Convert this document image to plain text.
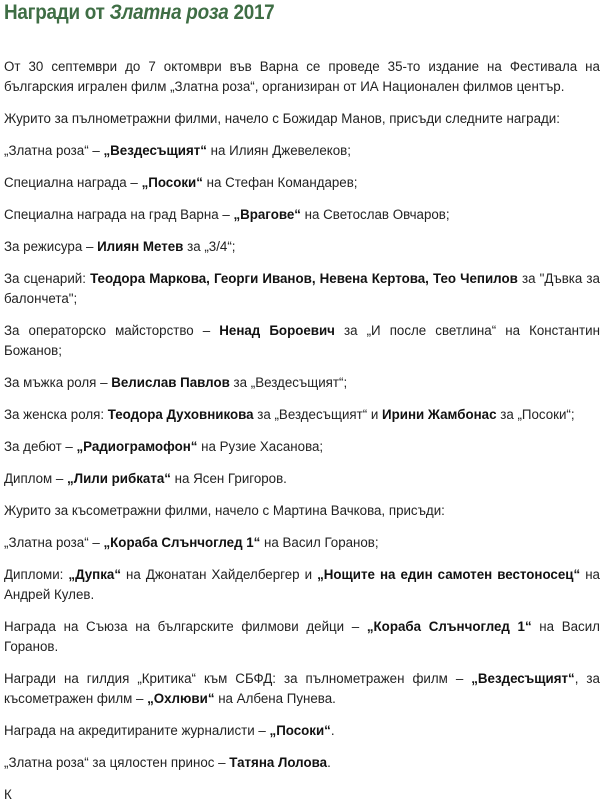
Награди от Златна роза 2017

От 30 септември до 7 октомври във Варна се проведе 35-то издание на Фестивала на българския игрален филм „Златна роза“, организиран от ИА Национален филмов център.

Журито за пълнометражни филми, начело с Божидар Манов, присъди следните награди:

„Златна роза“ – „Вездесъщият“ на Илиян Джевелеков;

Специална награда – „Посоки“ на Стефан Командарев;

Специална награда на град Варна – „Врагове“ на Светослав Овчаров;

За режисура – Илиян Метев за „3/4“;

За сценарий: Теодора Маркова, Георги Иванов, Невена Кертова, Тео Чепилов за "Дъвка за балончета";

За операторско майсторство – Ненад Бороевич за „И после светлина“ на Константин Божанов;

За мъжка роля – Велислав Павлов за „Вездесъщият“;

За женска роля: Теодора Духовникова за „Вездесъщият“ и Ирини Жамбонас за „Посоки“;

За дебют – „Радиограмофон“ на Рузие Хасанова;

Диплом – „Лили рибката“ на Ясен Григоров.

Журито за късометражни филми, начело с Мартина Вачкова, присъди:

„Златна роза“ – „Кораба Слънчоглед 1“ на Васил Горанов;

Дипломи: „Дупка“ на Джонатан Хайделбергер и „Нощите на един самотен вестоносец“ на Андрей Кулев.

Награда на Съюза на българските филмови дейци – „Кораба Слънчоглед 1“ на Васил Горанов.

Награди на гилдия „Критика“ към СБФД: за пълнометражен филм – „Вездесъщият“, за късометражен филм – „Охлюви“ на Албена Пунева.

Награда на акредитираните журналисти – „Посоки“.

„Златна роза“ за цялостен принос – Татяна Лолова.

К
